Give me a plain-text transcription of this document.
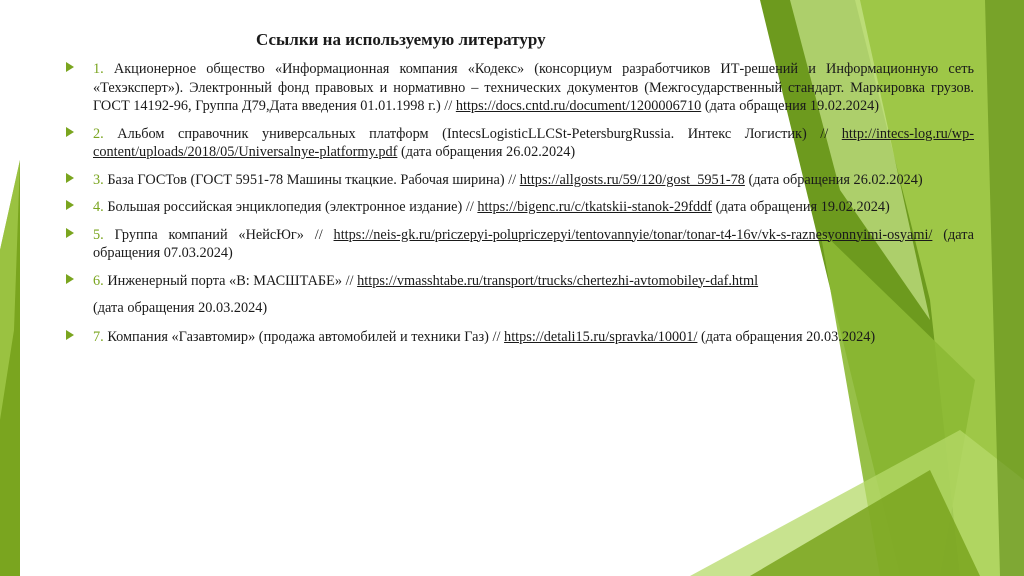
Ссылки на используемую литературу
1. Акционерное общество «Информационная компания «Кодекс» (консорциум разработчиков ИТ-решений и Информационную сеть «Техэксперт»). Электронный фонд правовых и нормативно – технических документов (Межгосударственный стандарт. Маркировка грузов. ГОСТ 14192-96, Группа Д79,Дата введения 01.01.1998 г.) // https://docs.cntd.ru/document/1200006710 (дата обращения 19.02.2024)
2. Альбом справочник универсальных платформ (IntecsLogisticLLCSt-PetersburgRussia. Интекс Логистик) // http://intecs-log.ru/wp-content/uploads/2018/05/Universalnye-platformy.pdf (дата обращения 26.02.2024)
3. База ГОСТов (ГОСТ 5951-78 Машины ткацкие. Рабочая ширина) // https://allgosts.ru/59/120/gost_5951-78 (дата обращения 26.02.2024)
4. Большая российская энциклопедия (электронное издание) // https://bigenc.ru/c/tkatskii-stanok-29fddf (дата обращения 19.02.2024)
5. Группа компаний «НейсЮг» // https://neis-gk.ru/priczepyi-polupriczepyi/tentovannyie/tonar/tonar-t4-16v/vk-s-raznesyonnyimi-osyami/ (дата обращения 07.03.2024)
6. Инженерный порта «В: МАСШТАБЕ» // https://vmasshtabe.ru/transport/trucks/chertezhi-avtomobiley-daf.html
(дата обращения 20.03.2024)
7. Компания «Газавтомир» (продажа автомобилей и техники Газ) // https://detali15.ru/spravka/10001/ (дата обращения 20.03.2024)
